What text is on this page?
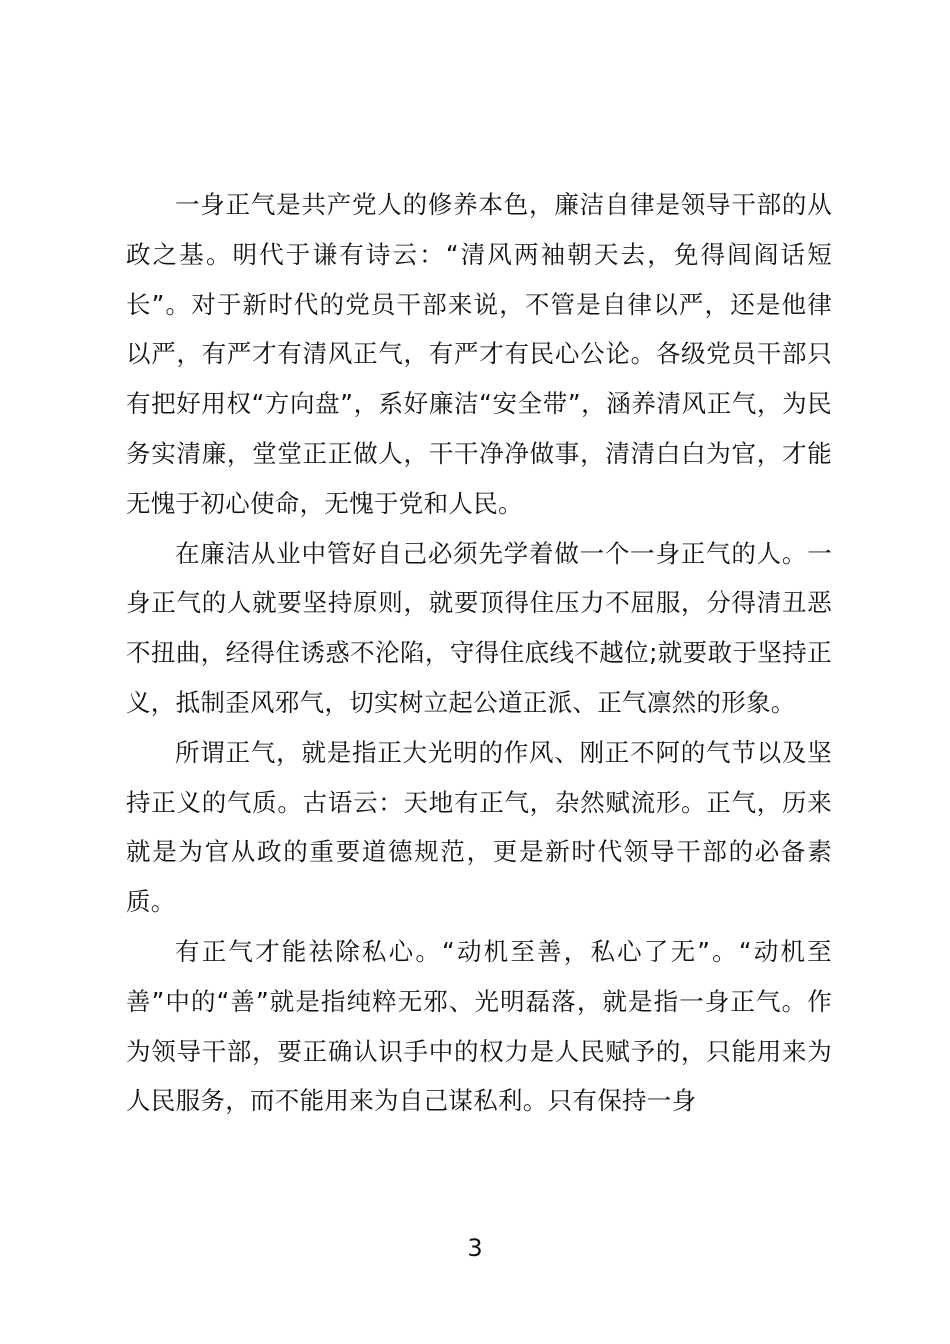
一身正气是共产党人的修养本色，廉洁自律是领导干部的从政之基。明代于谦有诗云：“清风两袖朝天去，免得闾阎话短长”。对于新时代的党员干部来说，不管是自律以严，还是他律以严，有严才有清风正气，有严才有民心公论。各级党员干部只有把好用权“方向盘”，系好廉洁“安全带”，涵养清风正气，为民务实清廉，堂堂正正做人，干干净净做事，清清白白为官，才能无愧于初心使命，无愧于党和人民。

在廉洁从业中管好自己必须先学着做一个一身正气的人。一身正气的人就要坚持原则，就要顶得住压力不屈服，分得清丑恶不扭曲，经得住诱惑不沦陷，守得住底线不越位;就要敢于坚持正义，抵制歪风邪气，切实树立起公道正派、正气凛然的形象。

所谓正气，就是指正大光明的作风、刚正不阿的气节以及坚持正义的气质。古语云：天地有正气，杂然赋流形。正气，历来就是为官从政的重要道德规范，更是新时代领导干部的必备素质。

有正气才能祛除私心。“动机至善，私心了无”。“动机至善”中的“善”就是指纯粹无邪、光明磊落，就是指一身正气。作为领导干部，要正确认识手中的权力是人民赋予的，只能用来为人民服务，而不能用来为自己谋私利。只有保持一身

3
